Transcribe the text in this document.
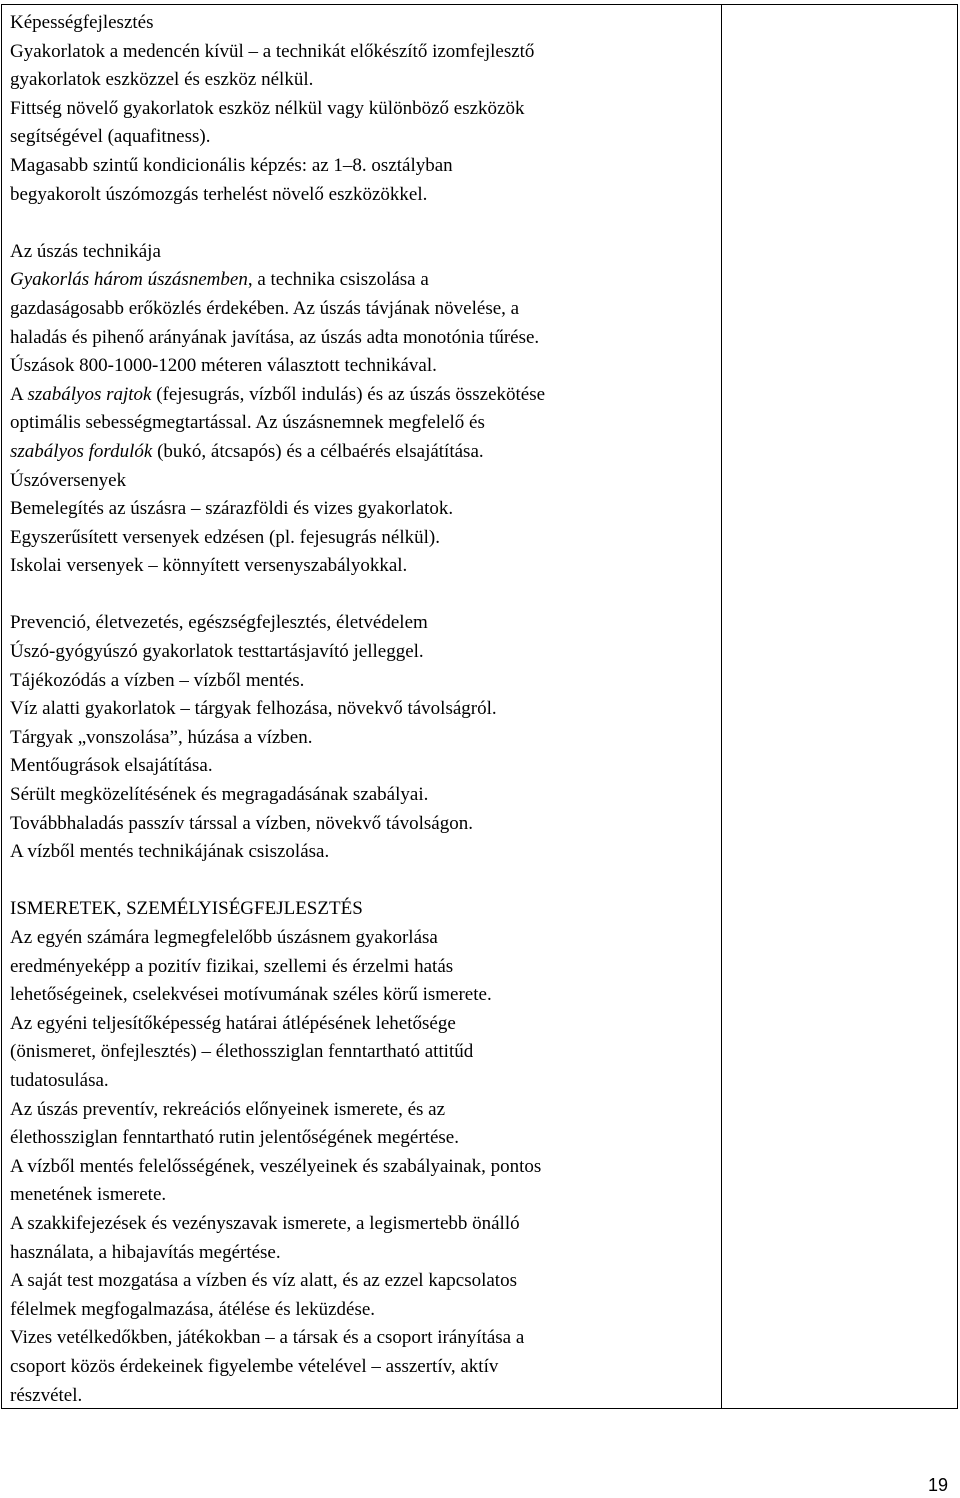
Képességfejlesztés

Gyakorlatok a medencén kívül – a technikát előkészítő izomfejlesztő

gyakorlatok eszközzel és eszköz nélkül.

Fittség növelő gyakorlatok eszköz nélkül vagy különböző eszközök

segítségével (aquafitness).

Magasabb szintű kondicionális képzés: az 1–8. osztályban

begyakorolt úszómozgás terhelést növelő eszközökkel.

Az úszás technikája

Gyakorlás három úszásnemben, a technika csiszolása a

gazdaságosabb erőközlés érdekében. Az úszás távjának növelése, a

haladás és pihenő arányának javítása, az úszás adta monotónia tűrése.

Úszások 800-1000-1200 méteren választott technikával.

A szabályos rajtok (fejesugrás, vízből indulás) és az úszás összekötése

optimális sebességmegtartással. Az úszásnemnek megfelelő és

szabályos fordulók (bukó, átcsapós) és a célbaérés elsajátítása.

Úszóversenyek

Bemelegítés az úszásra – szárazföldi és vizes gyakorlatok.

Egyszerűsített versenyek edzésen (pl. fejesugrás nélkül).

Iskolai versenyek – könnyített versenyszabályokkal.

Prevenció, életvezetés, egészségfejlesztés, életvédelem

Úszó-gyógyúszó gyakorlatok testtartásjavító jelleggel.

Tájékozódás a vízben – vízből mentés.

Víz alatti gyakorlatok – tárgyak felhozása, növekvő távolságról.

Tárgyak „vonszolása”, húzása a vízben.

Mentőugrások elsajátítása.

Sérült megközelítésének és megragadásának szabályai.

Továbbhaladás passzív társsal a vízben, növekvő távolságon.

A vízből mentés technikájának csiszolása.

ISMERETEK, SZEMÉLYISÉGFEJLESZTÉS

Az egyén számára legmegfelelőbb úszásnem gyakorlása

eredményeképp a pozitív fizikai, szellemi és érzelmi hatás

lehetőségeinek, cselekvései motívumának széles körű ismerete.

Az egyéni teljesítőképesség határai átlépésének lehetősége

(önismeret, önfejlesztés) – élethossziglan fenntartható attitűd

tudatosulása.

Az úszás preventív, rekreációs előnyeinek ismerete, és az

élethossziglan fenntartható rutin jelentőségének megértése.

A vízből mentés felelősségének, veszélyeinek és szabályainak, pontos

menetének ismerete.

A szakkifejezések és vezényszavak ismerete, a legismertebb önálló

használata, a hibajavítás megértése.

A saját test mozgatása a vízben és víz alatt, és az ezzel kapcsolatos

félelmek megfogalmazása, átélése és leküzdése.

Vizes vetélkedőkben, játékokban – a társak és a csoport irányítása a

csoport közös érdekeinek figyelembe vételével – asszertív, aktív

részvétel.

19
